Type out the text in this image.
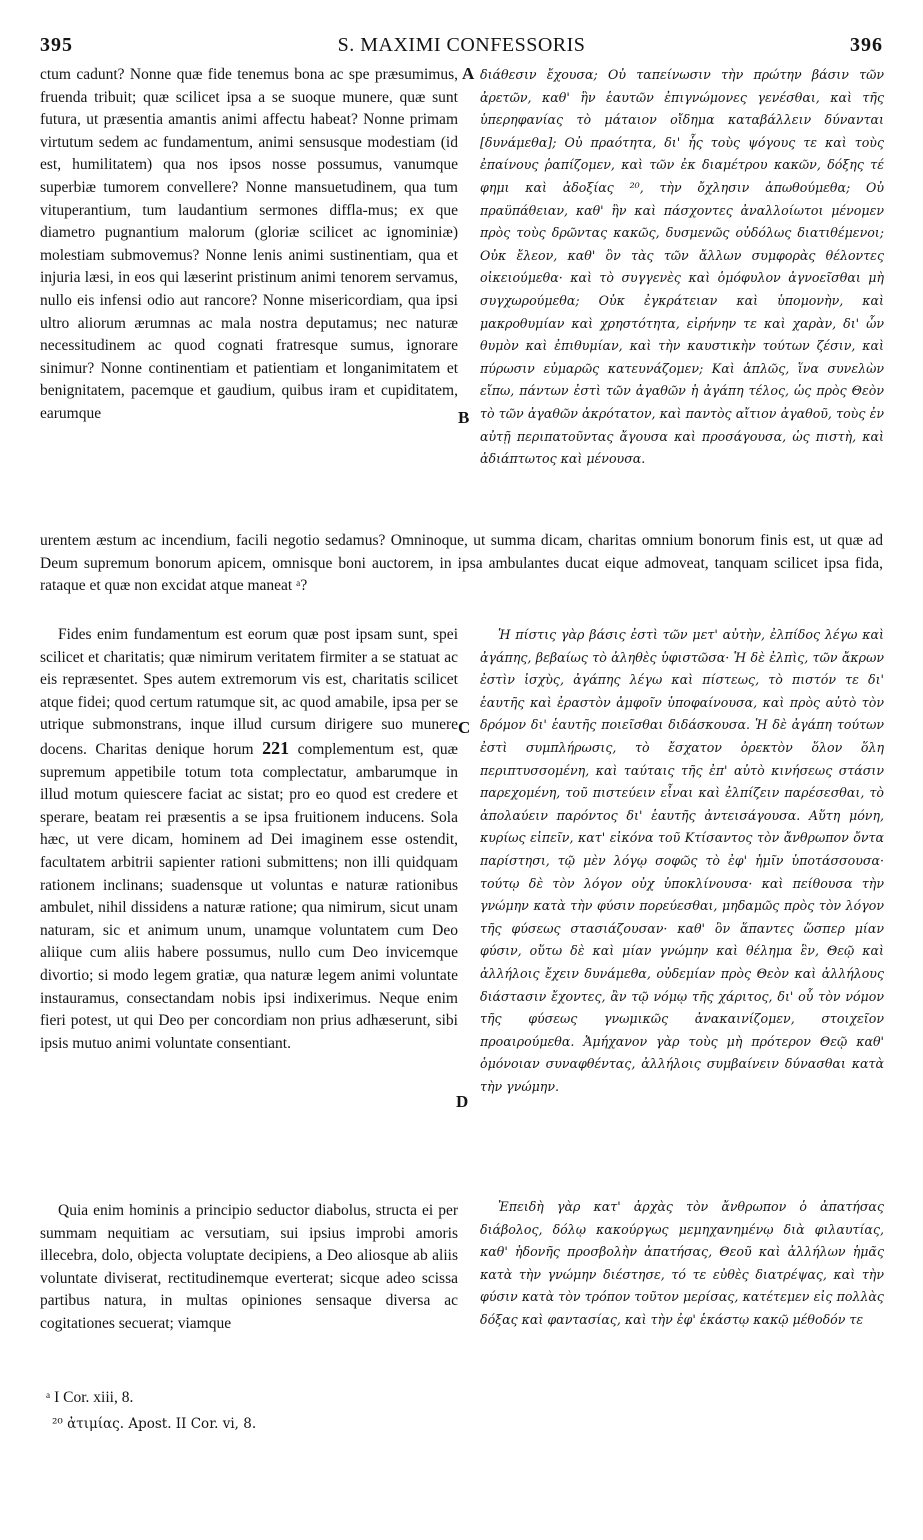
395	S. MAXIMI CONFESSORIS	396

ctum cadunt? Nonne quæ fide tenemus bona ac spe præsumimus, fruenda tribuit; quæ scilicet ipsa a se suoque munere, quæ sunt futura, ut præsentia amantis animi affectu habeat? Nonne primam virtutum sedem ac fundamentum, animi sensusque modestiam (id est, humilitatem) qua nos ipsos nosse possumus, vanumque superbiæ tumorem convellere? Nonne mansuetudinem, qua tum vituperantium, tum laudantium sermones diffla-mus; ex que diametro pugnantium malorum (gloriæ scilicet ac ignominiæ) molestiam submovemus? Nonne lenis animi sustinentiam, qua et injuria læsi, in eos qui læserint pristinum animi tenorem servamus, nullo eis infensi odio aut rancore? Nonne misericordiam, qua ipsi ultro aliorum ærumnas ac mala nostra deputamus; nec naturæ necessitudinem ac quod cognati fratresque sumus, ignorare sinimur? Nonne continentiam et patientiam et longanimitatem et benignitatem, pacemque et gaudium, quibus iram et cupiditatem, earumque

A διάθεσιν ἔχουσα; Οὐ ταπείνωσιν τὴν πρώτην βάσιν τῶν ἀρετῶν, καθ' ἣν ἑαυτῶν ἐπιγνώμονες γενέσθαι, καὶ τῆς ὑπερηφανίας τὸ μάταιον οἴδημα καταβάλλειν δύνανται [δυνάμεθα]; Οὐ πραότητα, δι' ἧς τοὺς ψόγους τε καὶ τοὺς ἐπαίνους ῥαπίζομεν, καὶ τῶν ἐκ διαμέτρου κακῶν, δόξης τέ φημι καὶ ἀδοξίας ²⁰, τὴν ὄχλησιν ἀπωθούμεθα; Οὐ πραϋπάθειαν, καθ' ἣν καὶ πάσχοντες ἀναλλοίωτοι μένομεν πρὸς τοὺς δρῶντας κακῶς, δυσμενῶς οὐδόλως διατιθέμενοι; Οὐκ ἔλεον, καθ' ὃν τὰς τῶν ἄλλων συμφορὰς θέλοντες οἰκειούμεθα· καὶ τὸ συγγενὲς καὶ ὁμόφυλον ἀγνοεῖσθαι μὴ συγχωρούμεθα; Οὐκ ἐγκράτειαν καὶ ὑπομονὴν, καὶ μακροθυμίαν καὶ χρηστότητα, εἰρήνην τε καὶ χαρὰν, δι' ὧν θυμὸν καὶ ἐπιθυμίαν, καὶ τὴν καυστικὴν τούτων ζέσιν, καὶ πύρωσιν εὐμαρῶς κατευνάζομεν; Καὶ ἁπλῶς, ἵνα συνελὼν εἴπω, πάντων ἐστὶ τῶν ἀγαθῶν ἡ ἀγάπη τέλος, ὡς πρὸς Θεὸν τὸ τῶν ἀγαθῶν ἀκρότατον, καὶ παντὸς αἴτιον ἀγαθοῦ, τοὺς ἐν αὐτῇ περιπατοῦντας ἄγουσα καὶ προσάγουσα, ὡς πιστὴ, καὶ ἀδιάπτωτος καὶ μένουσα.

B

urentem æstum ac incendium, facili negotio sedamus? Omninoque, ut summa dicam, charitas omnium bonorum finis est, ut quæ ad Deum supremum bonorum apicem, omnisque boni auctorem, in ipsa ambulantes ducat eique admoveat, tanquam scilicet ipsa fida, rataque et quæ non excidat atque maneat ᵃ?

Fides enim fundamentum est eorum quæ post ipsam sunt, spei scilicet et charitatis; quæ nimirum veritatem firmiter a se statuat ac eis repræsentet. Spes autem extremorum vis est, charitatis scilicet atque fidei; quod certum ratumque sit, ac quod amabile, ipsa per se utrique submonstrans, inque illud cursum dirigere suo munere docens. Charitas denique horum 221 complementum est, quæ supremum appetibile totum tota complectatur, ambarumque in illud motum quiescere faciat ac sistat; pro eo quod est credere et sperare, beatam rei præsentis a se ipsa fruitionem inducens. Sola hæc, ut vere dicam, hominem ad Dei imaginem esse ostendit, facultatem arbitrii sapienter rationi submittens; non illi quidquam rationem inclinans; suadensque ut voluntas e naturæ rationibus ambulet, nihil dissidens a naturæ ratione; qua nimirum, sicut unam naturam, sic et animum unum, unamque voluntatem cum Deo aliique cum aliis habere possumus, nullo cum Deo invicemque divortio; si modo legem gratiæ, qua naturæ legem animi voluntate instauramus, consectandam nobis ipsi indixerimus. Neque enim fieri potest, ut qui Deo per concordiam non prius adhæserunt, sibi ipsis mutuo animi voluntate consentiant.

C

Ἡ πίστις γὰρ βάσις ἐστὶ τῶν μετ' αὐτὴν, ἐλπίδος λέγω καὶ ἀγάπης, βεβαίως τὸ ἀληθὲς ὑφιστῶσα· Ἡ δὲ ἐλπὶς, τῶν ἄκρων ἐστὶν ἰσχὺς, ἀγάπης λέγω καὶ πίστεως, τὸ πιστόν τε δι' ἑαυτῆς καὶ ἐραστὸν ἀμφοῖν ὑποφαίνουσα, καὶ πρὸς αὐτὸ τὸν δρόμον δι' ἑαυτῆς ποιεῖσθαι διδάσκουσα. Ἡ δὲ ἀγάπη τούτων ἐστὶ συμπλήρωσις, τὸ ἔσχατον ὀρεκτὸν ὅλον ὅλη περιπτυσσομένη, καὶ ταύταις τῆς ἐπ' αὐτὸ κινήσεως στάσιν παρεχομένη, τοῦ πιστεύειν εἶναι καὶ ἐλπίζειν παρέσεσθαι, τὸ ἀπολαύειν παρόντος δι' ἑαυτῆς ἀντεισάγουσα. Αὕτη μόνη, κυρίως εἰπεῖν, κατ' εἰκόνα τοῦ Κτίσαντος τὸν ἄνθρωπον ὄντα παρίστησι, τῷ μὲν λόγῳ σοφῶς τὸ ἐφ' ἡμῖν ὑποτάσσουσα· τούτῳ δὲ τὸν λόγον οὐχ ὑποκλίνουσα· καὶ πείθουσα τὴν γνώμην κατὰ τὴν φύσιν πορεύεσθαι, μηδαμῶς πρὸς τὸν λόγον τῆς φύσεως στασιάζουσαν· καθ' ὃν ἅπαντες ὥσπερ μίαν φύσιν, οὕτω δὲ καὶ μίαν γνώμην καὶ θέλημα ἓν, Θεῷ καὶ ἀλλήλοις ἔχειν δυνάμεθα, οὐδεμίαν πρὸς Θεὸν καὶ ἀλλήλους διάστασιν ἔχοντες, ἂν τῷ νόμῳ τῆς χάριτος, δι' οὗ τὸν νόμον τῆς φύσεως γνωμικῶς ἀνακαινίζομεν, στοιχεῖον προαιρούμεθα. Ἀμήχανον γὰρ τοὺς μὴ πρότερον Θεῷ καθ' ὁμόνοιαν συναφθέντας, ἀλλήλοις συμβαίνειν δύνασθαι κατὰ τὴν γνώμην.

D

Quia enim hominis a principio seductor diabolus, structa ei per summam nequitiam ac versutiam, sui ipsius improbi amoris illecebra, dolo, objecta voluptate decipiens, a Deo aliosque ab aliis voluntate diviserat, rectitudinemque everterat; sicque adeo scissa partibus natura, in multas opiniones sensaque diversa ac cogitationes secuerat; viamque

Ἐπειδὴ γὰρ κατ' ἀρχὰς τὸν ἄνθρωπον ὁ ἀπατήσας διάβολος, δόλῳ κακούργως μεμηχανημένῳ διὰ φιλαυτίας, καθ' ἡδονῆς προσβολὴν ἀπατήσας, Θεοῦ καὶ ἀλλήλων ἡμᾶς κατὰ τὴν γνώμην διέστησε, τό τε εὐθὲς διατρέψας, καὶ τὴν φύσιν κατὰ τὸν τρόπον τοῦτον μερίσας, κατέτεμεν εἰς πολλὰς δόξας καὶ φαντασίας, καὶ τὴν ἐφ' ἑκάστῳ κακῷ μέθοδόν τε

ᵃ I Cor. xiii, 8.
²⁰ ἀτιμίας. Apost. II Cor. vi, 8.
